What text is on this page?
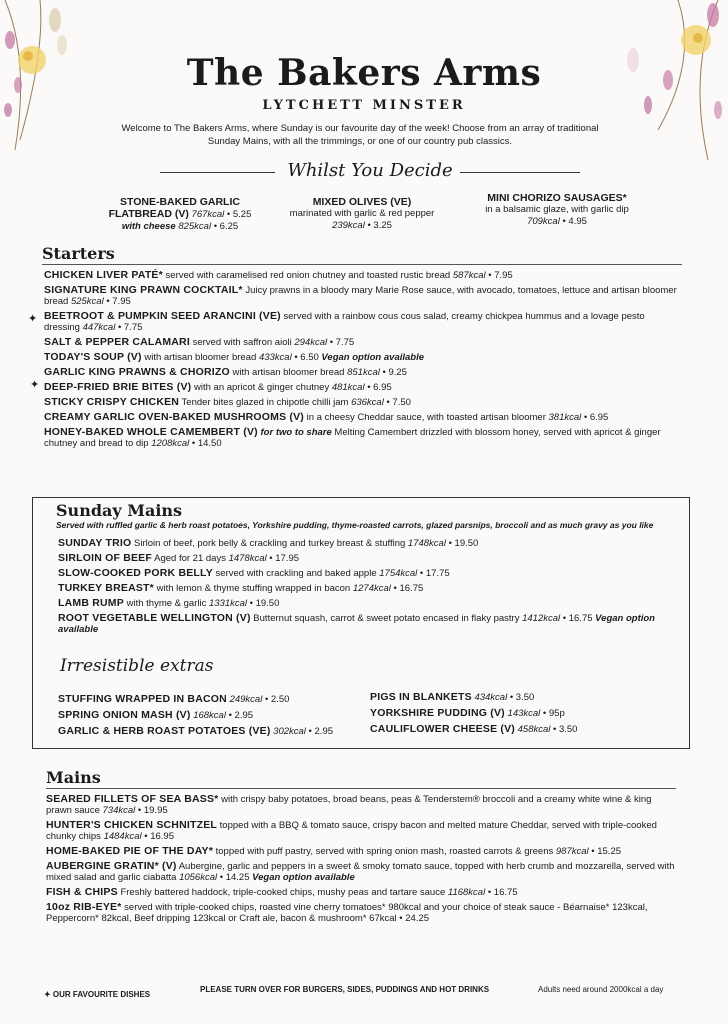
The Bakers Arms
LYTCHETT MINSTER
Welcome to The Bakers Arms, where Sunday is our favourite day of the week! Choose from an array of traditional Sunday Mains, with all the trimmings, or one of our country pub classics.
Whilst You Decide
STONE-BAKED GARLIC
FLATBREAD (V) 767kcal • 5.25
with cheese 825kcal • 6.25
MIXED OLIVES (VE)
marinated with garlic & red pepper
239kcal • 3.25
MINI CHORIZO SAUSAGES*
in a balsamic glaze, with garlic dip
709kcal • 4.95
Starters
✦
✦
CHICKEN LIVER PATÉ* served with caramelised red onion chutney and toasted rustic bread 587kcal • 7.95
SIGNATURE KING PRAWN COCKTAIL* Juicy prawns in a bloody mary Marie Rose sauce, with avocado, tomatoes, lettuce and artisan bloomer bread 525kcal • 7.95
BEETROOT & PUMPKIN SEED ARANCINI (VE) served with a rainbow cous cous salad, creamy chickpea hummus and a lovage pesto dressing 447kcal • 7.75
SALT & PEPPER CALAMARI served with saffron aioli 294kcal • 7.75
TODAY'S SOUP (V) with artisan bloomer bread 433kcal • 6.50 Vegan option available
GARLIC KING PRAWNS & CHORIZO with artisan bloomer bread 851kcal • 9.25
DEEP-FRIED BRIE BITES (V) with an apricot & ginger chutney 481kcal • 6.95
STICKY CRISPY CHICKEN Tender bites glazed in chipotle chilli jam 636kcal • 7.50
CREAMY GARLIC OVEN-BAKED MUSHROOMS (V) in a cheesy Cheddar sauce, with toasted artisan bloomer 381kcal • 6.95
HONEY-BAKED WHOLE CAMEMBERT (V) for two to share Melting Camembert drizzled with blossom honey, served with apricot & ginger chutney and bread to dip 1208kcal • 14.50
Sunday Mains
Served with ruffled garlic & herb roast potatoes, Yorkshire pudding, thyme-roasted carrots, glazed parsnips, broccoli and as much gravy as you like
SUNDAY TRIO Sirloin of beef, pork belly & crackling and turkey breast & stuffing 1748kcal • 19.50
SIRLOIN OF BEEF Aged for 21 days 1478kcal • 17.95
SLOW-COOKED PORK BELLY served with crackling and baked apple 1754kcal • 17.75
TURKEY BREAST* with lemon & thyme stuffing wrapped in bacon 1274kcal • 16.75
LAMB RUMP with thyme & garlic 1331kcal • 19.50
ROOT VEGETABLE WELLINGTON (V) Butternut squash, carrot & sweet potato encased in flaky pastry 1412kcal • 16.75 Vegan option available
Irresistible extras
STUFFING WRAPPED IN BACON 249kcal • 2.50
SPRING ONION MASH (V) 168kcal • 2.95
GARLIC & HERB ROAST POTATOES (VE) 302kcal • 2.95
PIGS IN BLANKETS 434kcal • 3.50
YORKSHIRE PUDDING (V) 143kcal • 95p
CAULIFLOWER CHEESE (V) 458kcal • 3.50
Mains
SEARED FILLETS OF SEA BASS* with crispy baby potatoes, broad beans, peas & Tenderstem® broccoli and a creamy white wine & king prawn sauce 734kcal • 19.95
HUNTER'S CHICKEN SCHNITZEL topped with a BBQ & tomato sauce, crispy bacon and melted mature Cheddar, served with triple-cooked chunky chips 1484kcal • 16.95
HOME-BAKED PIE OF THE DAY* topped with puff pastry, served with spring onion mash, roasted carrots & greens 987kcal • 15.25
AUBERGINE GRATIN* (V) Aubergine, garlic and peppers in a sweet & smoky tomato sauce, topped with herb crumb and mozzarella, served with mixed salad and garlic ciabatta 1056kcal • 14.25 Vegan option available
FISH & CHIPS Freshly battered haddock, triple-cooked chips, mushy peas and tartare sauce 1168kcal • 16.75
10oz RIB-EYE* served with triple-cooked chips, roasted vine cherry tomatoes* 980kcal and your choice of steak sauce - Béarnaise* 123kcal, Peppercorn* 82kcal, Beef dripping 123kcal or Craft ale, bacon & mushroom* 67kcal • 24.25
✦ OUR FAVOURITE DISHES
PLEASE TURN OVER FOR BURGERS, SIDES, PUDDINGS AND HOT DRINKS	Adults need around 2000kcal a day
